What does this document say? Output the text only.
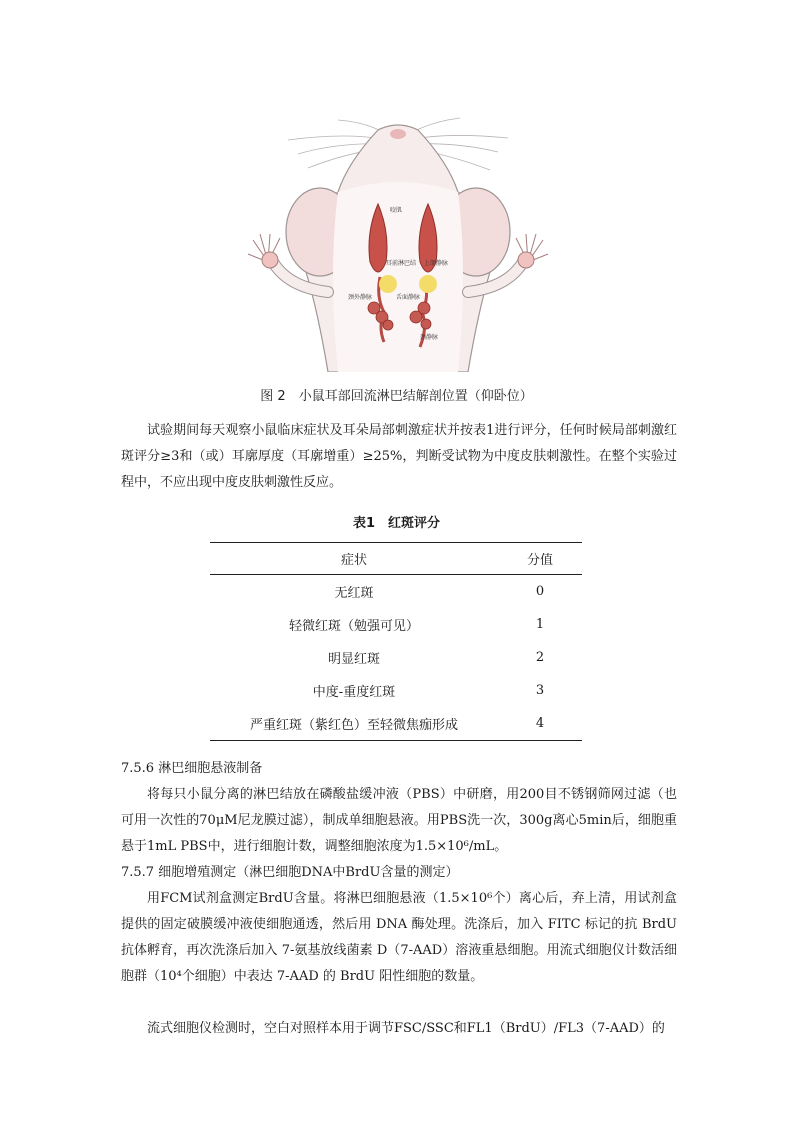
咬肌
耳前淋巴结 上颌静脉
颈外静脉	舌面静脉
颈静脉
图 2　小鼠耳部回流淋巴结解剖位置（仰卧位）

试验期间每天观察小鼠临床症状及耳朵局部刺激症状并按表1进行评分，任何时候局部刺激红斑评分≥3和（或）耳廓厚度（耳廓增重）≥25%，判断受试物为中度皮肤刺激性。在整个实验过程中，不应出现中度皮肤刺激性反应。

表1　红斑评分
症状	分值
无红斑	0
轻微红斑（勉强可见）	1
明显红斑	2
中度-重度红斑	3
严重红斑（紫红色）至轻微焦痂形成	4
7.5.6 淋巴细胞悬液制备

将每只小鼠分离的淋巴结放在磷酸盐缓冲液（PBS）中研磨，用200目不锈钢筛网过滤（也可用一次性的70μM尼龙膜过滤），制成单细胞悬液。用PBS洗一次，300g离心5min后，细胞重悬于1mL PBS中，进行细胞计数，调整细胞浓度为1.5×10⁶/mL。

7.5.7 细胞增殖测定（淋巴细胞DNA中BrdU含量的测定）

用FCM试剂盒测定BrdU含量。将淋巴细胞悬液（1.5×10⁶个）离心后，弃上清，用试剂盒提供的固定破膜缓冲液使细胞通透，然后用 DNA 酶处理。洗涤后，加入 FITC 标记的抗 BrdU 抗体孵育，再次洗涤后加入 7-氨基放线菌素 D（7-AAD）溶液重悬细胞。用流式细胞仪计数活细胞群（10⁴个细胞）中表达 7-AAD 的 BrdU 阳性细胞的数量。

流式细胞仪检测时，空白对照样本用于调节FSC/SSC和FL1（BrdU）/FL3（7-AAD）的
